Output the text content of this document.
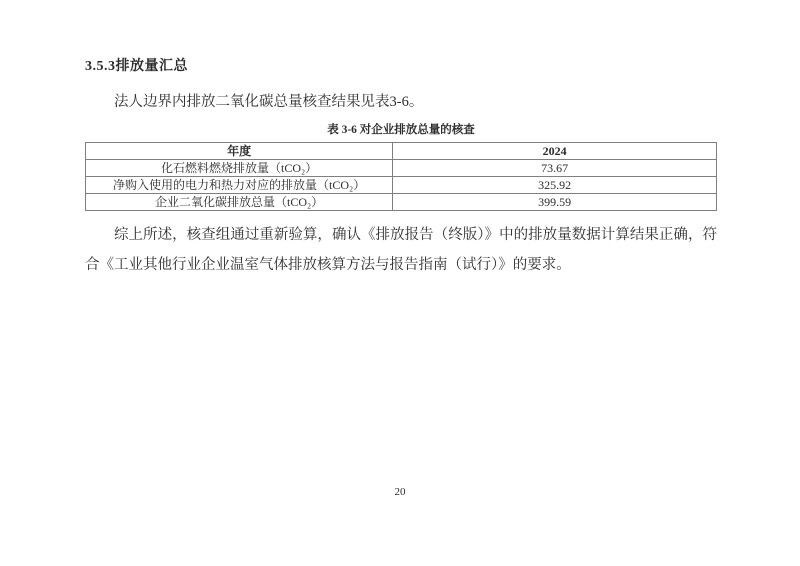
3.5.3排放量汇总

法人边界内排放二氧化碳总量核查结果见表3-6。

表 3-6 对企业排放总量的核查
年度	2024
化石燃料燃烧排放量（tCO₂）	73.67
净购入使用的电力和热力对应的排放量（tCO₂）	325.92
企业二氧化碳排放总量（tCO₂）	399.59

综上所述，核查组通过重新验算，确认《排放报告（终版）》中的排放量数据计算结果正确，符合《工业其他行业企业温室气体排放核算方法与报告指南（试行）》的要求。

20
